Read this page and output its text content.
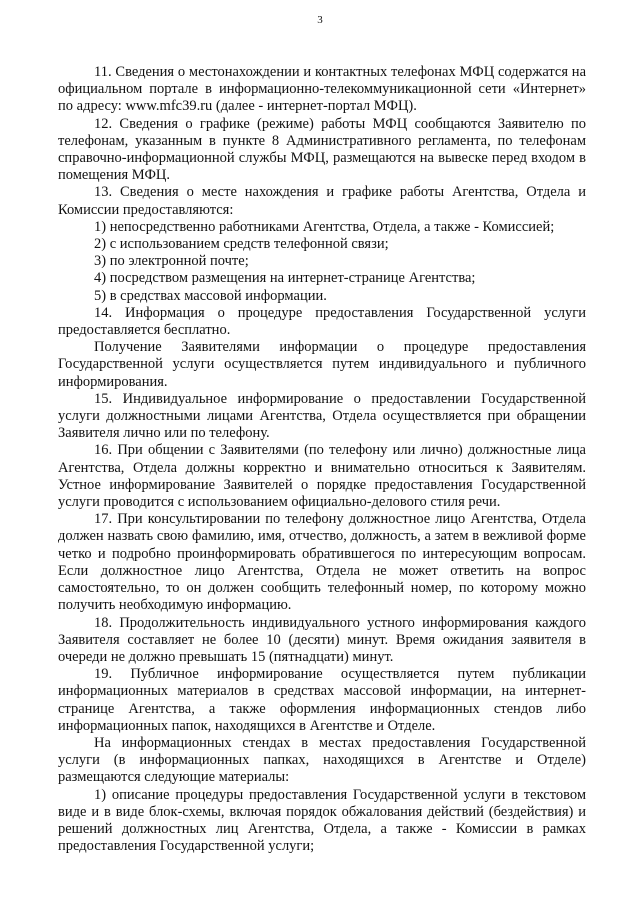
3

11. Сведения о местонахождении и контактных телефонах МФЦ содержатся на официальном портале в информационно-телекоммуникационной сети «Интернет» по адресу: www.mfc39.ru (далее - интернет-портал МФЦ).

12. Сведения о графике (режиме) работы МФЦ сообщаются Заявителю по телефонам, указанным в пункте 8 Административного регламента, по телефонам справочно-информационной службы МФЦ, размещаются на вывеске перед входом в помещения МФЦ.

13. Сведения о месте нахождения и графике работы Агентства, Отдела и Комиссии предоставляются:

1) непосредственно работниками Агентства, Отдела, а также - Комиссией;

2) с использованием средств телефонной связи;

3) по электронной почте;

4) посредством размещения на интернет-странице Агентства;

5) в средствах массовой информации.

14. Информация о процедуре предоставления Государственной услуги предоставляется бесплатно.

Получение Заявителями информации о процедуре предоставления Государственной услуги осуществляется путем индивидуального и публичного информирования.

15. Индивидуальное информирование о предоставлении Государственной услуги должностными лицами Агентства, Отдела осуществляется при обращении Заявителя лично или по телефону.

16. При общении с Заявителями (по телефону или лично) должностные лица Агентства, Отдела должны корректно и внимательно относиться к Заявителям. Устное информирование Заявителей о порядке предоставления Государственной услуги проводится с использованием официально-делового стиля речи.

17. При консультировании по телефону должностное лицо Агентства, Отдела должен назвать свою фамилию, имя, отчество, должность, а затем в вежливой форме четко и подробно проинформировать обратившегося по интересующим вопросам. Если должностное лицо Агентства, Отдела не может ответить на вопрос самостоятельно, то он должен сообщить телефонный номер, по которому можно получить необходимую информацию.

18. Продолжительность индивидуального устного информирования каждого Заявителя составляет не более 10 (десяти) минут. Время ожидания заявителя в очереди не должно превышать 15 (пятнадцати) минут.

19. Публичное информирование осуществляется путем публикации информационных материалов в средствах массовой информации, на интернет-странице Агентства, а также оформления информационных стендов либо информационных папок, находящихся в Агентстве и Отделе.

На информационных стендах в местах предоставления Государственной услуги (в информационных папках, находящихся в Агентстве и Отделе) размещаются следующие материалы:

1) описание процедуры предоставления Государственной услуги в текстовом виде и в виде блок-схемы, включая порядок обжалования действий (бездействия) и решений должностных лиц Агентства, Отдела, а также - Комиссии в рамках предоставления Государственной услуги;
